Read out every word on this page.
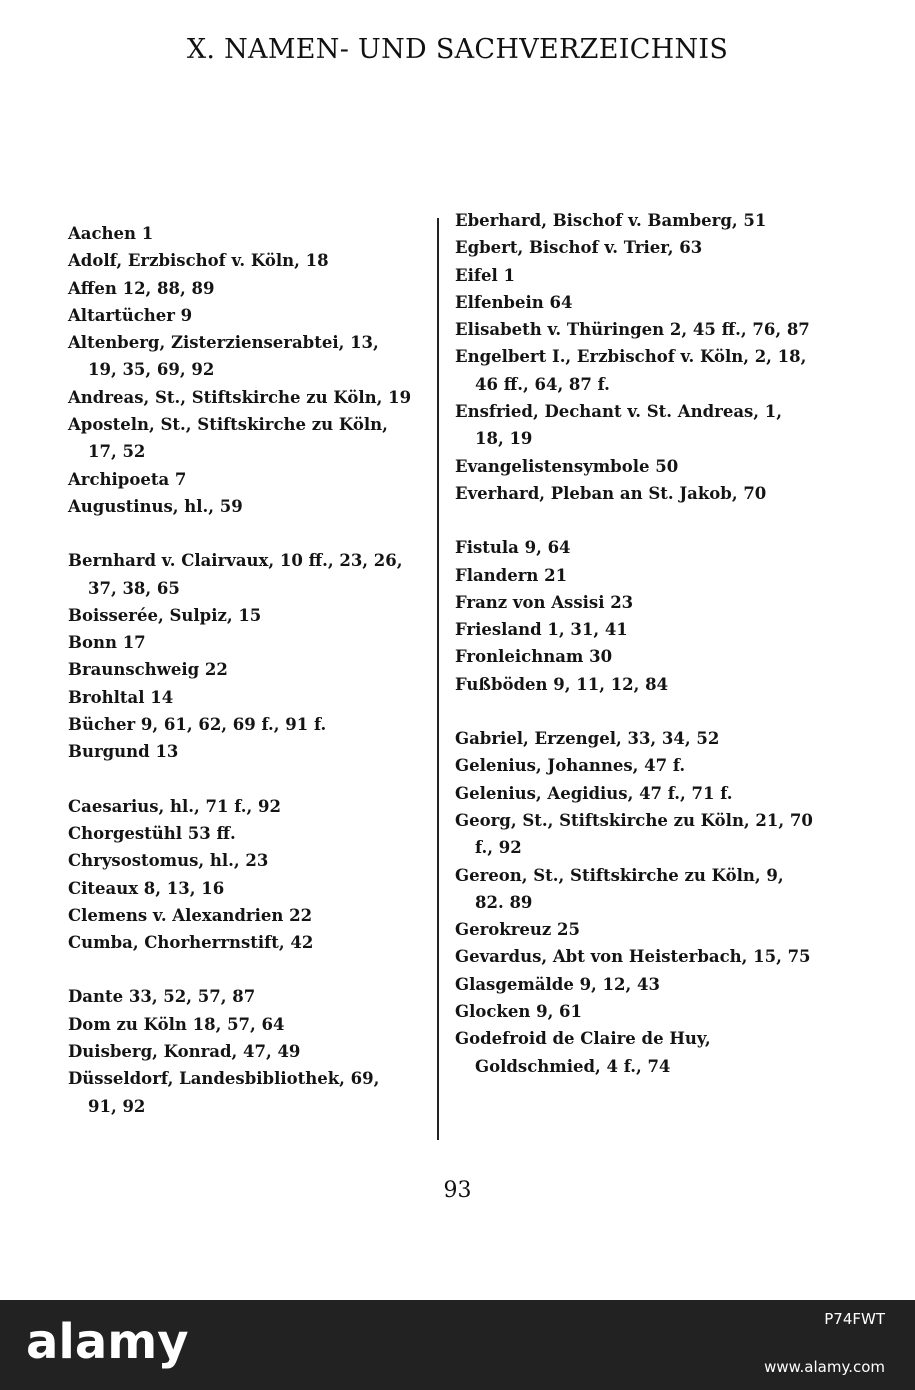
X. NAMEN- UND SACHVERZEICHNIS

Aachen 1

Adolf, Erzbischof v. Köln, 18

Affen 12, 88, 89

Altartücher 9

Altenberg, Zisterzienserabtei, 13, 19, 35, 69, 92

Andreas, St., Stiftskirche zu Köln, 19

Aposteln, St., Stiftskirche zu Köln, 17, 52

Archipoeta 7

Augustinus, hl., 59

Bernhard v. Clairvaux, 10 ff., 23, 26, 37, 38, 65

Boisserée, Sulpiz, 15

Bonn 17

Braunschweig 22

Brohltal 14

Bücher 9, 61, 62, 69 f., 91 f.

Burgund 13

Caesarius, hl., 71 f., 92

Chorgestühl 53 ff.

Chrysostomus, hl., 23

Citeaux 8, 13, 16

Clemens v. Alexandrien 22

Cumba, Chorherrnstift, 42

Dante 33, 52, 57, 87

Dom zu Köln 18, 57, 64

Duisberg, Konrad, 47, 49

Düsseldorf, Landesbibliothek, 69, 91, 92

Eberhard, Bischof v. Bamberg, 51

Egbert, Bischof v. Trier, 63

Eifel 1

Elfenbein 64

Elisabeth v. Thüringen 2, 45 ff., 76, 87

Engelbert I., Erzbischof v. Köln, 2, 18, 46 ff., 64, 87 f.

Ensfried, Dechant v. St. Andreas, 1, 18, 19

Evangelistensymbole 50

Everhard, Pleban an St. Jakob, 70

Fistula 9, 64

Flandern 21

Franz von Assisi 23

Friesland 1, 31, 41

Fronleichnam 30

Fußböden 9, 11, 12, 84

Gabriel, Erzengel, 33, 34, 52

Gelenius, Johannes, 47 f.

Gelenius, Aegidius, 47 f., 71 f.

Georg, St., Stiftskirche zu Köln, 21, 70 f., 92

Gereon, St., Stiftskirche zu Köln, 9, 82. 89

Gerokreuz 25

Gevardus, Abt von Heisterbach, 15, 75

Glasgemälde 9, 12, 43

Glocken 9, 61

Godefroid de Claire de Huy, Goldschmied, 4 f., 74

93
alamy	P74FWT
www.alamy.com
